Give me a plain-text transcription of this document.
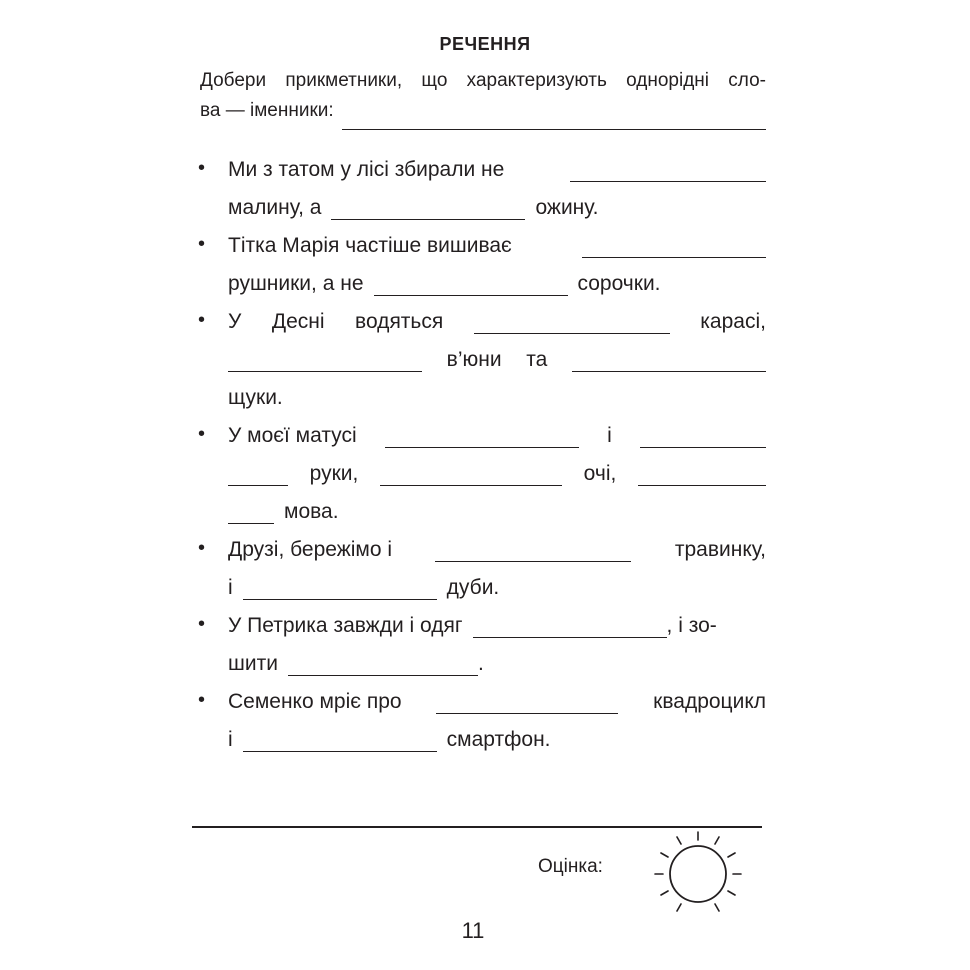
РЕЧЕННЯ
Добери прикметники, що характеризують однорідні сло-
ва — іменники:
• Ми з татом у лісі збирали не
малину, а	ожину.
• Тітка Марія частіше вишиває
рушники, а не	сорочки.
• У Десні водяться	карасі,
в’юни та
щуки.
• У моєї матусі	і
руки,	очі,
мова.
• Друзі, бережімо і	травинку,
і	дуби.
• У Петрика завжди і одяг	, і зо-
шити	.
• Семенко мріє про	квадроцикл
і	смартфон.
Оцінка:
11
